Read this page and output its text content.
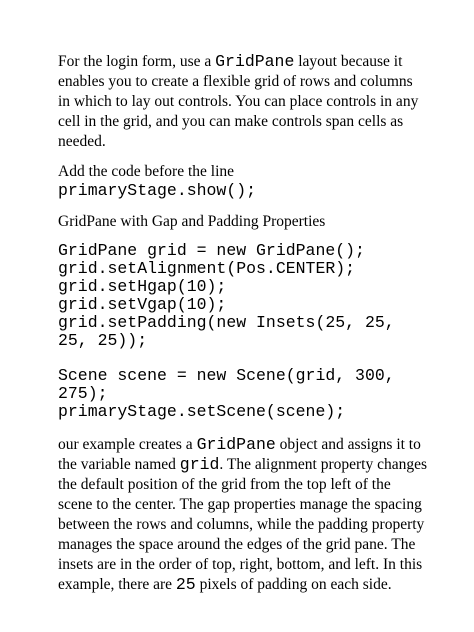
For the login form, use a GridPane layout because it enables you to create a flexible grid of rows and columns in which to lay out controls. You can place controls in any cell in the grid, and you can make controls span cells as needed.

Add the code before the line

primaryStage.show();

GridPane with Gap and Padding Properties

GridPane grid = new GridPane();
grid.setAlignment(Pos.CENTER);
grid.setHgap(10);
grid.setVgap(10);
grid.setPadding(new Insets(25, 25,
25, 25));
Scene scene = new Scene(grid, 300,
275);
primaryStage.setScene(scene);

our example creates a GridPane object and assigns it to the variable named grid. The alignment property changes the default position of the grid from the top left of the scene to the center. The gap properties manage the spacing between the rows and columns, while the padding property manages the space around the edges of the grid pane. The insets are in the order of top, right, bottom, and left. In this example, there are 25 pixels of padding on each side.
